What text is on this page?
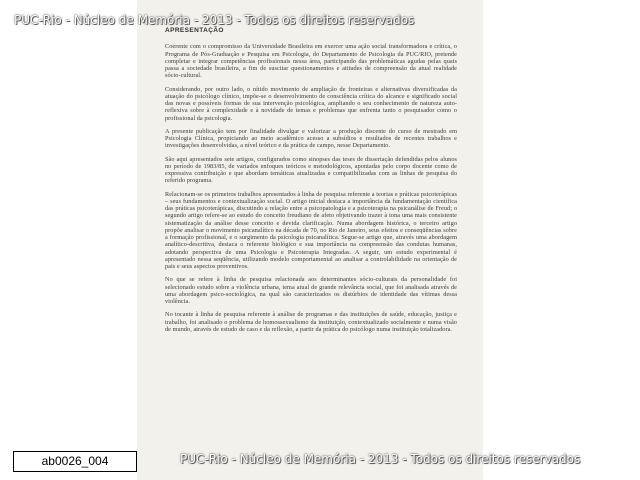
APRESENTAÇÃO

Coerente com o compromisso da Universidade Brasileira em exercer uma ação social transformadora e crítica, o Programa de Pós-Graduação e Pesquisa em Psicologia, do Departamento de Psicologia da PUC/RIO, pretende completar e integrar competências profissionais nessa área, participando das problemáticas agudas pelas quais passa a sociedade brasileira, a fim de suscitar questionamentos e atitudes de compreensão da atual realidade sócio-cultural.

Considerando, por outro lado, o nítido movimento de ampliação de fronteiras e alternativas diversificadas da atuação do psicólogo clínico, impõe-se o desenvolvimento de consciência crítica do alcance e significado social das novas e possíveis formas de sua intervenção psicológica, ampliando o seu conhecimento de natureza auto-reflexiva sobre à complexidade e à novidade de temas e problemas que enfrenta tanto o pesquisador como o profissional da psicologia.

A presente publicação tem por finalidade divulgar e valorizar a produção discente do curso de mestrado em Psicologia Clínica, propiciando ao meio acadêmico acesso a subsídios e resultados de recentes trabalhos e investigações desenvolvidas, a nível teórico e da prática de campo, nesse Departamento.

São aqui apresentados sete artigos, configurados como sinopses das teses de dissertação defendidas pelos alunos no período de 1983/85, de variados enfoques teóricos e metodológicos, apontadas pelo corpo docente como de expressiva contribuição e que abordam temáticas atualizadas e compatibilizadas com as linhas de pesquisa do referido programa.

Relacionam-se os primeiros trabalhos apresentados à linha de pesquisa referente a teorias e práticas psicoterápicas – seus fundamentos e contextualização social. O artigo inicial destaca a importância da fundamentação científica das práticas psicoterápicas, discutindo a relação entre a psicopatologia e a psicoterapia na psicanálise de Freud; o segundo artigo refere-se ao estudo do conceito freudiano de afeto objetivando trazer à tona uma mais consistente sistematização da análise desse conceito e devida clarificação. Numa abordagem histórica, o terceiro artigo propõe analisar o movimento psicanalítico na década de 70, no Rio de Janeiro, seus efeitos e conseqüências sobre a formação profissional, e o surgimento da psicologia psicanalítica. Segue-se artigo que, através uma abordagem analítico-descritiva, destaca o referente biológico e sua importância na compreensão das condutas humanas, adotando perspectiva de uma Psicologia e Psicoterapia Integradas. A seguir, um estudo experimental é apresentado nessa seqüência, utilizando modelo comportamental ao analisar a controlabilidade na orientação de pais e seus aspectos proventivos.

No que se refere à linha de pesquisa relacionada aos determinantes sócio-culturais da personalidade foi selecionado estudo sobre a violência urbana, tema atual de grande relevância social, que foi analisada através de uma abordagem psico-sociológica, na qual são caracterizados os distúrbios de identidade das vítimas dessa violência.

No tocante à linha de pesquisa referente à análise de programas e das instituições de saúde, educação, justiça e trabalho, foi analisado o problema de homossexualismo da instituição, contextualizado socialmente e numa visão de mundo, através de estudo de caso e da reflexão, a partir da prática do psicólogo numa instituição totalizadora.

PUC-Rio - Núcleo de Memória - 2013 - Todos os direitos reservados
PUC-Rio - Núcleo de Memória - 2013 - Todos os direitos reservados
ab0026_004
